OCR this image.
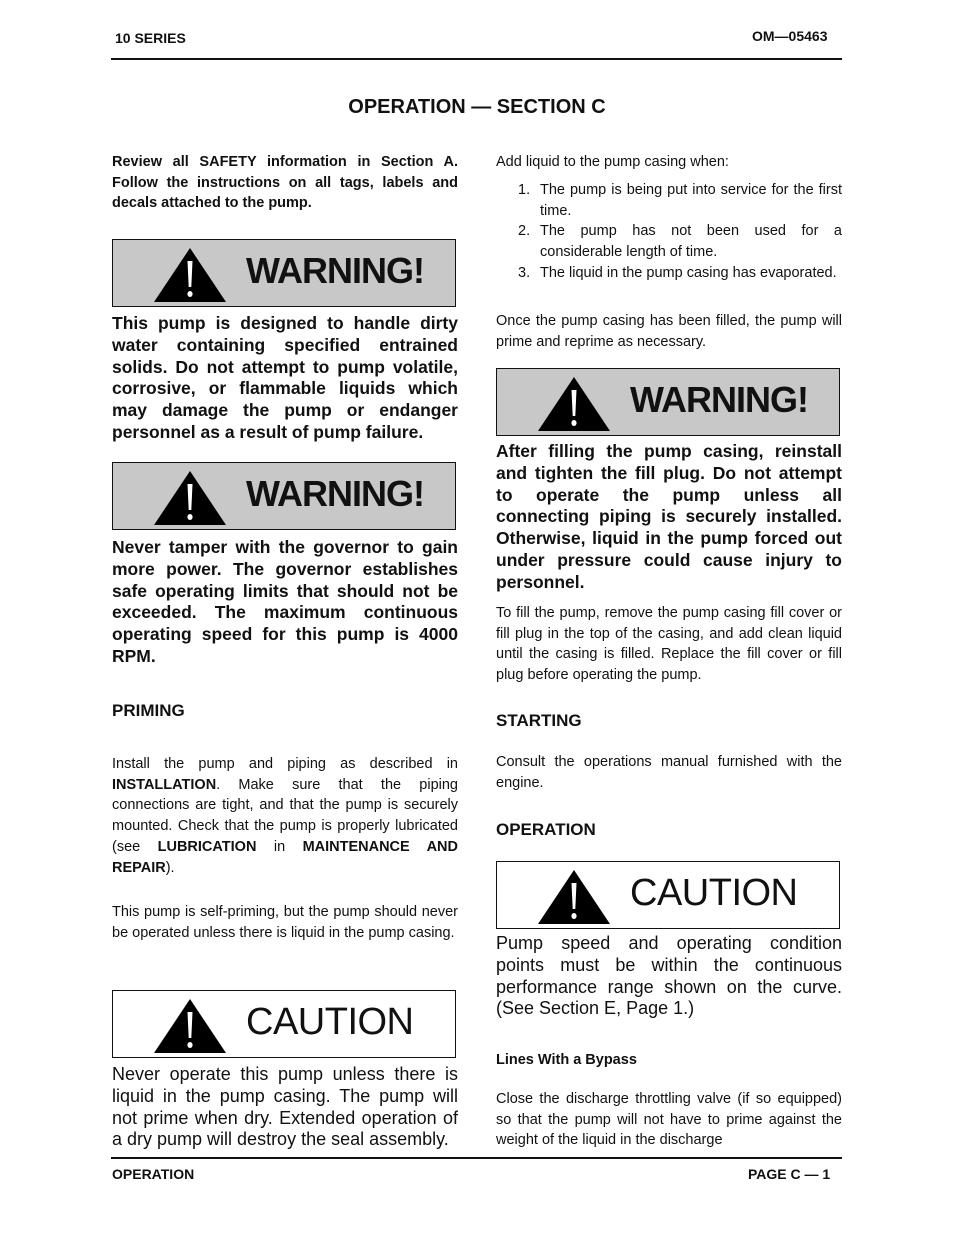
10 SERIES	OM—05463
OPERATION — SECTION C
Review all SAFETY information in Section A. Follow the instructions on all tags, labels and decals attached to the pump.
WARNING!
This pump is designed to handle dirty water containing specified entrained solids. Do not attempt to pump volatile, corrosive, or flammable liquids which may damage the pump or endanger personnel as a result of pump failure.
WARNING!
Never tamper with the governor to gain more power. The governor establishes safe operating limits that should not be exceeded. The maximum continuous operating speed for this pump is 4000 RPM.
PRIMING
Install the pump and piping as described in INSTALLATION. Make sure that the piping connections are tight, and that the pump is securely mounted. Check that the pump is properly lubricated (see LUBRICATION in MAINTENANCE AND REPAIR).
This pump is self-priming, but the pump should never be operated unless there is liquid in the pump casing.
CAUTION
Never operate this pump unless there is liquid in the pump casing. The pump will not prime when dry. Extended operation of a dry pump will destroy the seal assembly.
Add liquid to the pump casing when:
1. The pump is being put into service for the first time.
2. The pump has not been used for a considerable length of time.
3. The liquid in the pump casing has evaporated.
Once the pump casing has been filled, the pump will prime and reprime as necessary.
WARNING!
After filling the pump casing, reinstall and tighten the fill plug. Do not attempt to operate the pump unless all connecting piping is securely installed. Otherwise, liquid in the pump forced out under pressure could cause injury to personnel.
To fill the pump, remove the pump casing fill cover or fill plug in the top of the casing, and add clean liquid until the casing is filled. Replace the fill cover or fill plug before operating the pump.
STARTING
Consult the operations manual furnished with the engine.
OPERATION
CAUTION
Pump speed and operating condition points must be within the continuous performance range shown on the curve. (See Section E, Page 1.)
Lines With a Bypass
Close the discharge throttling valve (if so equipped) so that the pump will not have to prime against the weight of the liquid in the discharge
OPERATION	PAGE C — 1
